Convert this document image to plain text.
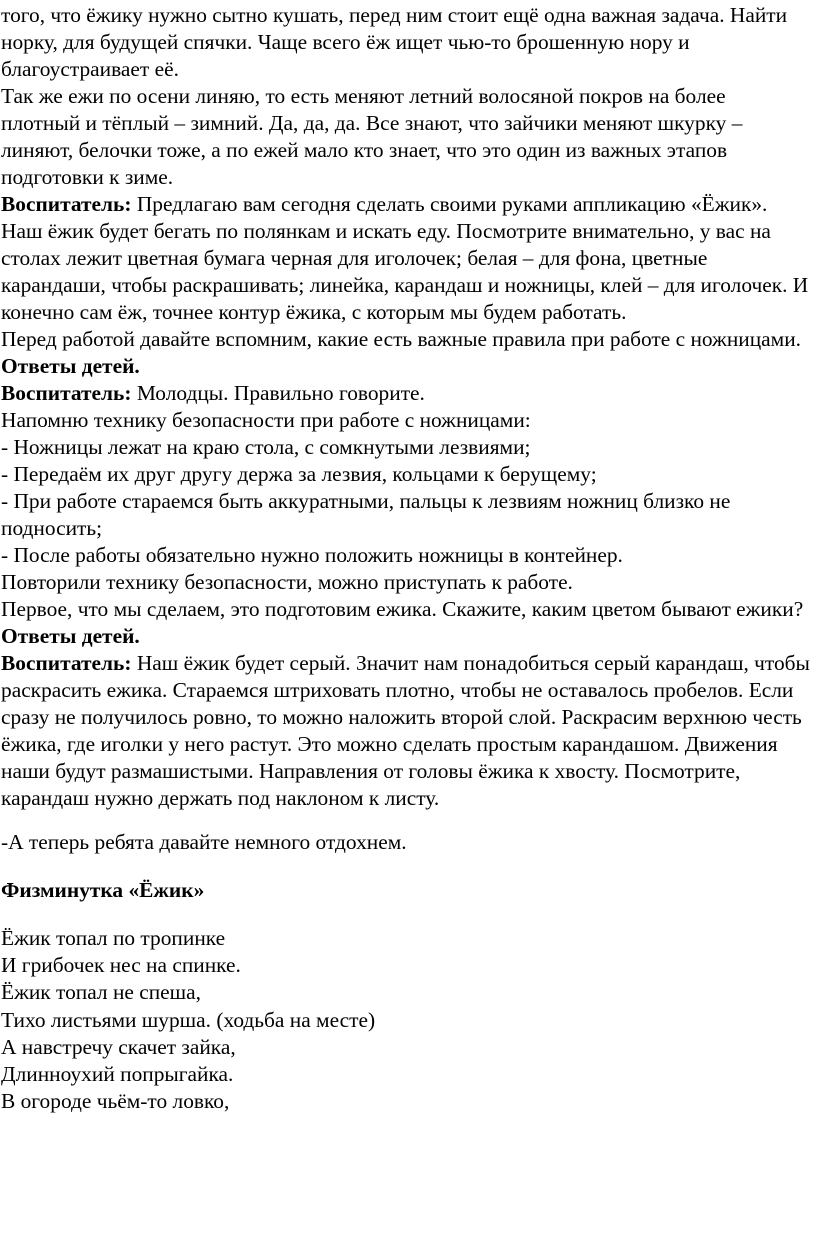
того, что ёжику нужно сытно кушать, перед ним стоит ещё одна важная задача. Найти норку, для будущей спячки. Чаще всего ёж ищет чью-то брошенную нору и благоустраивает её.

Так же ежи по осени линяю, то есть меняют летний волосяной покров на более плотный и тёплый – зимний. Да, да, да. Все знают, что зайчики меняют шкурку – линяют, белочки тоже, а по ежей мало кто знает, что это один из важных этапов подготовки к зиме.

Воспитатель: Предлагаю вам сегодня сделать своими руками аппликацию «Ёжик». Наш ёжик будет бегать по полянкам и искать еду. Посмотрите внимательно, у вас на столах лежит цветная бумага черная для иголочек; белая – для фона, цветные карандаши, чтобы раскрашивать; линейка, карандаш и ножницы, клей – для иголочек. И конечно сам ёж, точнее контур ёжика, с которым мы будем работать.

Перед работой давайте вспомним, какие есть важные правила при работе с ножницами.

Ответы детей.

Воспитатель: Молодцы. Правильно говорите.

Напомню технику безопасности при работе с ножницами:

- Ножницы лежат на краю стола, с сомкнутыми лезвиями;

- Передаём их друг другу держа за лезвия, кольцами к берущему;

- При работе стараемся быть аккуратными, пальцы к лезвиям ножниц близко не подносить;

- После работы обязательно нужно положить ножницы в контейнер.

Повторили технику безопасности, можно приступать к работе.

Первое, что мы сделаем, это подготовим ежика. Скажите, каким цветом бывают ежики?

Ответы детей.

Воспитатель: Наш ёжик будет серый. Значит нам понадобиться серый карандаш, чтобы раскрасить ежика. Стараемся штриховать плотно, чтобы не оставалось пробелов. Если сразу не получилось ровно, то можно наложить второй слой. Раскрасим верхнюю честь ёжика, где иголки у него растут. Это можно сделать простым карандашом. Движения наши будут размашистыми. Направления от головы ёжика к хвосту. Посмотрите, карандаш нужно держать под наклоном к листу.

-А теперь ребята давайте немного отдохнем.

Физминутка «Ёжик»

Ёжик топал по тропинке

И грибочек нес на спинке.

Ёжик топал не спеша,

Тихо листьями шурша. (ходьба на месте)

А навстречу скачет зайка,

Длинноухий попрыгайка.

В огороде чьём-то ловко,
